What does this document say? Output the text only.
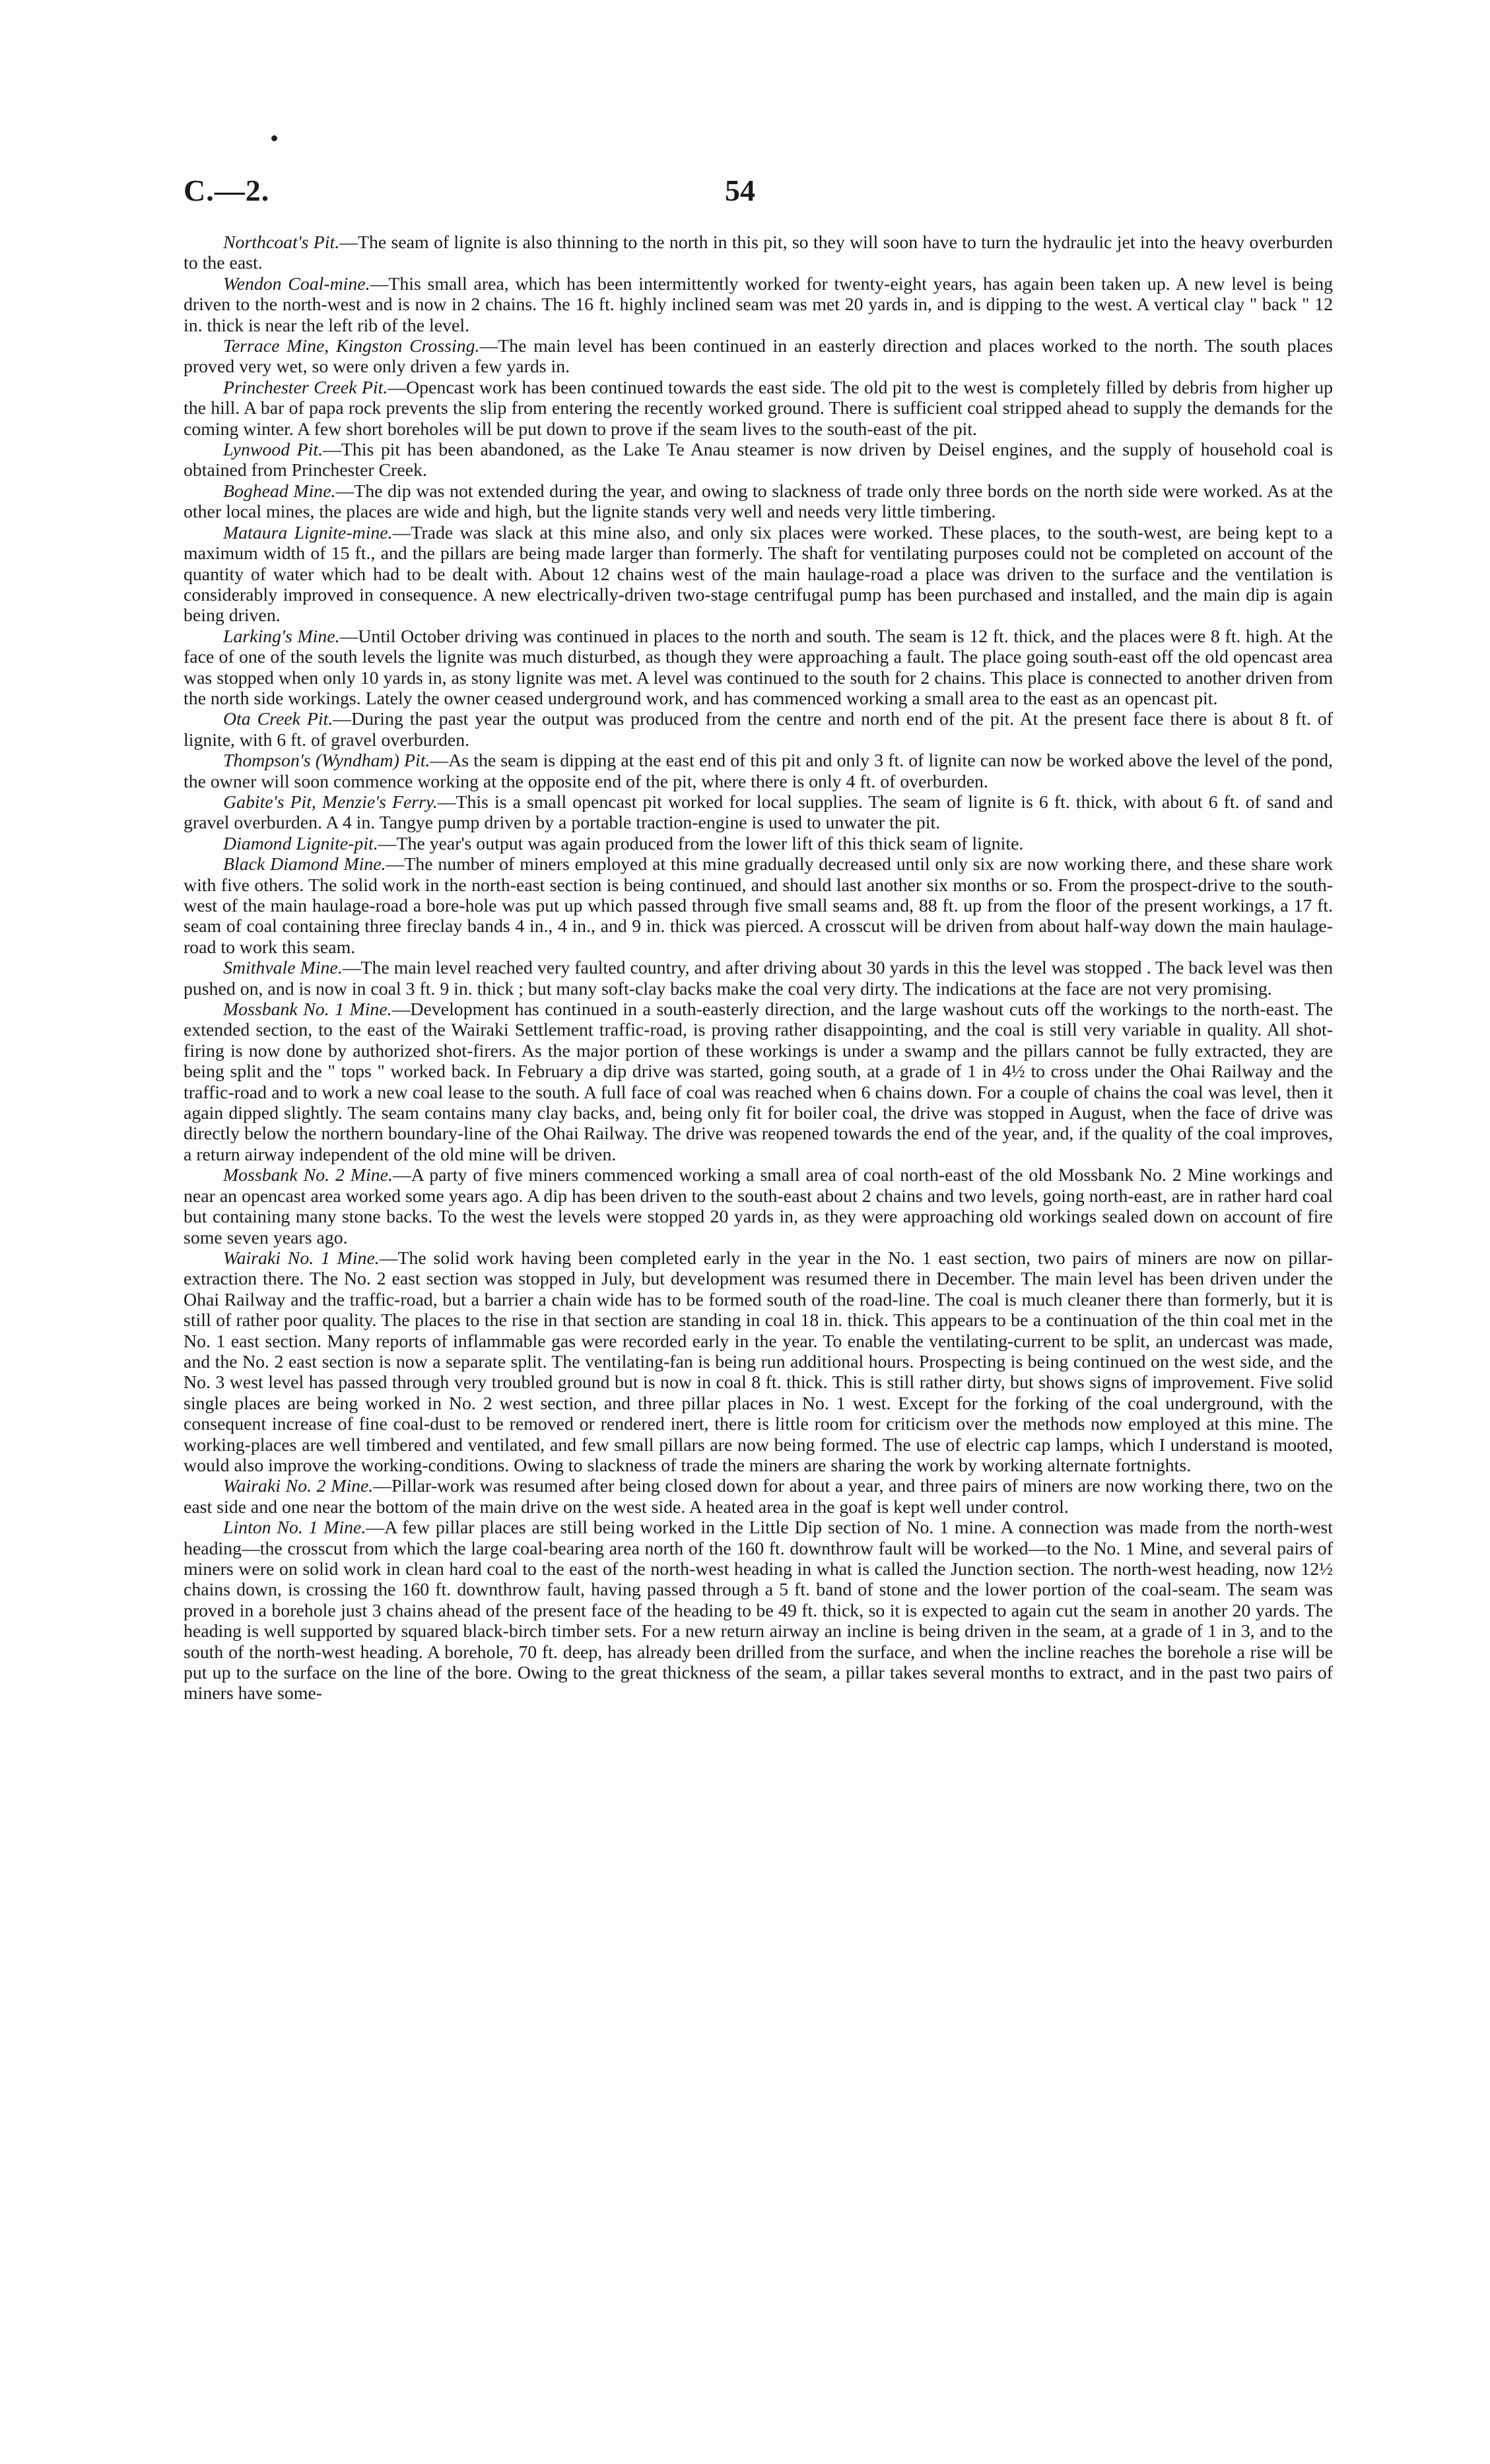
C.—2.	54

Northcoat's Pit.—The seam of lignite is also thinning to the north in this pit, so they will soon have to turn the hydraulic jet into the heavy overburden to the east.

Wendon Coal-mine.—This small area, which has been intermittently worked for twenty-eight years, has again been taken up. A new level is being driven to the north-west and is now in 2 chains. The 16 ft. highly inclined seam was met 20 yards in, and is dipping to the west. A vertical clay " back " 12 in. thick is near the left rib of the level.

Terrace Mine, Kingston Crossing.—The main level has been continued in an easterly direction and places worked to the north. The south places proved very wet, so were only driven a few yards in.

Princhester Creek Pit.—Opencast work has been continued towards the east side. The old pit to the west is completely filled by debris from higher up the hill. A bar of papa rock prevents the slip from entering the recently worked ground. There is sufficient coal stripped ahead to supply the demands for the coming winter. A few short boreholes will be put down to prove if the seam lives to the south-east of the pit.

Lynwood Pit.—This pit has been abandoned, as the Lake Te Anau steamer is now driven by Deisel engines, and the supply of household coal is obtained from Princhester Creek.

Boghead Mine.—The dip was not extended during the year, and owing to slackness of trade only three bords on the north side were worked. As at the other local mines, the places are wide and high, but the lignite stands very well and needs very little timbering.

Mataura Lignite-mine.—Trade was slack at this mine also, and only six places were worked. These places, to the south-west, are being kept to a maximum width of 15 ft., and the pillars are being made larger than formerly. The shaft for ventilating purposes could not be completed on account of the quantity of water which had to be dealt with. About 12 chains west of the main haulage-road a place was driven to the surface and the ventilation is considerably improved in consequence. A new electrically-driven two-stage centrifugal pump has been purchased and installed, and the main dip is again being driven.

Larking's Mine.—Until October driving was continued in places to the north and south. The seam is 12 ft. thick, and the places were 8 ft. high. At the face of one of the south levels the lignite was much disturbed, as though they were approaching a fault. The place going south-east off the old opencast area was stopped when only 10 yards in, as stony lignite was met. A level was continued to the south for 2 chains. This place is connected to another driven from the north side workings. Lately the owner ceased underground work, and has commenced working a small area to the east as an opencast pit.

Ota Creek Pit.—During the past year the output was produced from the centre and north end of the pit. At the present face there is about 8 ft. of lignite, with 6 ft. of gravel overburden.

Thompson's (Wyndham) Pit.—As the seam is dipping at the east end of this pit and only 3 ft. of lignite can now be worked above the level of the pond, the owner will soon commence working at the opposite end of the pit, where there is only 4 ft. of overburden.

Gabite's Pit, Menzie's Ferry.—This is a small opencast pit worked for local supplies. The seam of lignite is 6 ft. thick, with about 6 ft. of sand and gravel overburden. A 4 in. Tangye pump driven by a portable traction-engine is used to unwater the pit.

Diamond Lignite-pit.—The year's output was again produced from the lower lift of this thick seam of lignite.

Black Diamond Mine.—The number of miners employed at this mine gradually decreased until only six are now working there, and these share work with five others. The solid work in the north-east section is being continued, and should last another six months or so. From the prospect-drive to the south-west of the main haulage-road a bore-hole was put up which passed through five small seams and, 88 ft. up from the floor of the present workings, a 17 ft. seam of coal containing three fireclay bands 4 in., 4 in., and 9 in. thick was pierced. A crosscut will be driven from about half-way down the main haulage-road to work this seam.

Smithvale Mine.—The main level reached very faulted country, and after driving about 30 yards in this the level was stopped . The back level was then pushed on, and is now in coal 3 ft. 9 in. thick ; but many soft-clay backs make the coal very dirty. The indications at the face are not very promising.

Mossbank No. 1 Mine.—Development has continued in a south-easterly direction, and the large washout cuts off the workings to the north-east. The extended section, to the east of the Wairaki Settlement traffic-road, is proving rather disappointing, and the coal is still very variable in quality. All shot-firing is now done by authorized shot-firers. As the major portion of these workings is under a swamp and the pillars cannot be fully extracted, they are being split and the " tops " worked back. In February a dip drive was started, going south, at a grade of 1 in 4½ to cross under the Ohai Railway and the traffic-road and to work a new coal lease to the south. A full face of coal was reached when 6 chains down. For a couple of chains the coal was level, then it again dipped slightly. The seam contains many clay backs, and, being only fit for boiler coal, the drive was stopped in August, when the face of drive was directly below the northern boundary-line of the Ohai Railway. The drive was reopened towards the end of the year, and, if the quality of the coal improves, a return airway independent of the old mine will be driven.

Mossbank No. 2 Mine.—A party of five miners commenced working a small area of coal north-east of the old Mossbank No. 2 Mine workings and near an opencast area worked some years ago. A dip has been driven to the south-east about 2 chains and two levels, going north-east, are in rather hard coal but containing many stone backs. To the west the levels were stopped 20 yards in, as they were approaching old workings sealed down on account of fire some seven years ago.

Wairaki No. 1 Mine.—The solid work having been completed early in the year in the No. 1 east section, two pairs of miners are now on pillar-extraction there. The No. 2 east section was stopped in July, but development was resumed there in December. The main level has been driven under the Ohai Railway and the traffic-road, but a barrier a chain wide has to be formed south of the road-line. The coal is much cleaner there than formerly, but it is still of rather poor quality. The places to the rise in that section are standing in coal 18 in. thick. This appears to be a continuation of the thin coal met in the No. 1 east section. Many reports of inflammable gas were recorded early in the year. To enable the ventilating-current to be split, an undercast was made, and the No. 2 east section is now a separate split. The ventilating-fan is being run additional hours. Prospecting is being continued on the west side, and the No. 3 west level has passed through very troubled ground but is now in coal 8 ft. thick. This is still rather dirty, but shows signs of improvement. Five solid single places are being worked in No. 2 west section, and three pillar places in No. 1 west. Except for the forking of the coal underground, with the consequent increase of fine coal-dust to be removed or rendered inert, there is little room for criticism over the methods now employed at this mine. The working-places are well timbered and ventilated, and few small pillars are now being formed. The use of electric cap lamps, which I understand is mooted, would also improve the working-conditions. Owing to slackness of trade the miners are sharing the work by working alternate fortnights.

Wairaki No. 2 Mine.—Pillar-work was resumed after being closed down for about a year, and three pairs of miners are now working there, two on the east side and one near the bottom of the main drive on the west side. A heated area in the goaf is kept well under control.

Linton No. 1 Mine.—A few pillar places are still being worked in the Little Dip section of No. 1 mine. A connection was made from the north-west heading—the crosscut from which the large coal-bearing area north of the 160 ft. downthrow fault will be worked—to the No. 1 Mine, and several pairs of miners were on solid work in clean hard coal to the east of the north-west heading in what is called the Junction section. The north-west heading, now 12½ chains down, is crossing the 160 ft. downthrow fault, having passed through a 5 ft. band of stone and the lower portion of the coal-seam. The seam was proved in a borehole just 3 chains ahead of the present face of the heading to be 49 ft. thick, so it is expected to again cut the seam in another 20 yards. The heading is well supported by squared black-birch timber sets. For a new return airway an incline is being driven in the seam, at a grade of 1 in 3, and to the south of the north-west heading. A borehole, 70 ft. deep, has already been drilled from the surface, and when the incline reaches the borehole a rise will be put up to the surface on the line of the bore. Owing to the great thickness of the seam, a pillar takes several months to extract, and in the past two pairs of miners have some-
